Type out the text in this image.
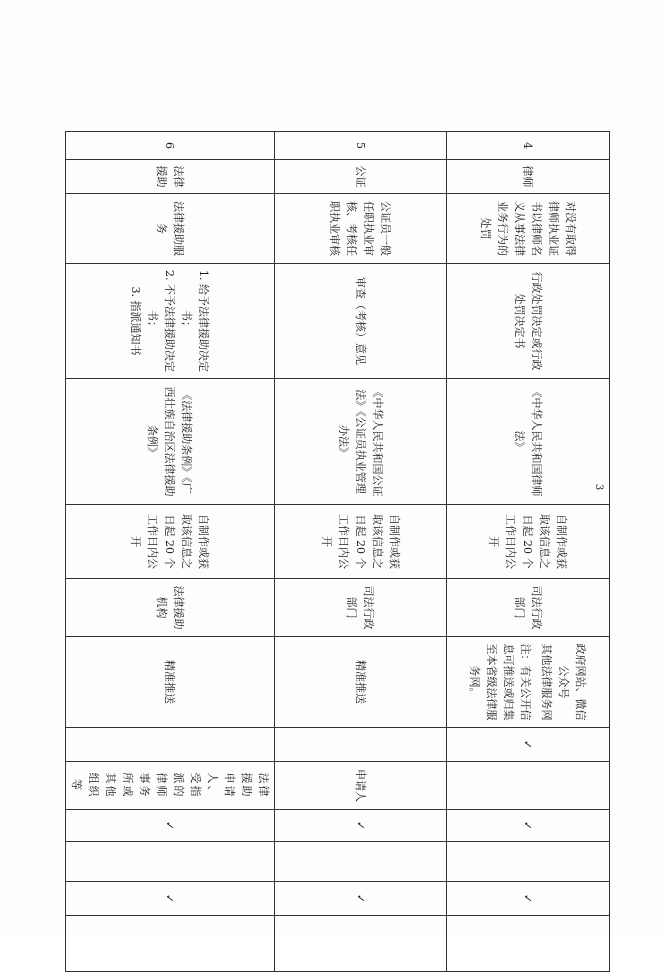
4	律师	对没有取得律师执业证书以律师名义从事法律业务行为的处罚	行政处罚决定或行政处罚决定书	《中华人民共和国律师法》	自制作或获取该信息之日起 20 个工作日内公开	司法行政部门	政府网站、微信公众号
其他法律服务网
注：有关公开信息可推送或归集至本省级法律服务网。	✓		✓		✓	
5	公证	公证员一般任职执业审核、考核任职执业审核	审查（考核）意见	《中华人民共和国公证法》《公证员执业管理办法》	自制作或获取该信息之日起 20 个工作日内公开	司法行政部门	精准推送		申请人	✓		✓	
6	法律援助	法律援助服务	1. 给予法律援助决定书；
2. 不予法律援助决定书；
3. 指派通知书	《法律援助条例》《广西壮族自治区法律援助条例》	自制作或获取该信息之日起 20 个工作日内公开	法律援助机构	精准推送		法律援助申请人、受指派的律师事务所或其他组织等	✓		✓	
3
